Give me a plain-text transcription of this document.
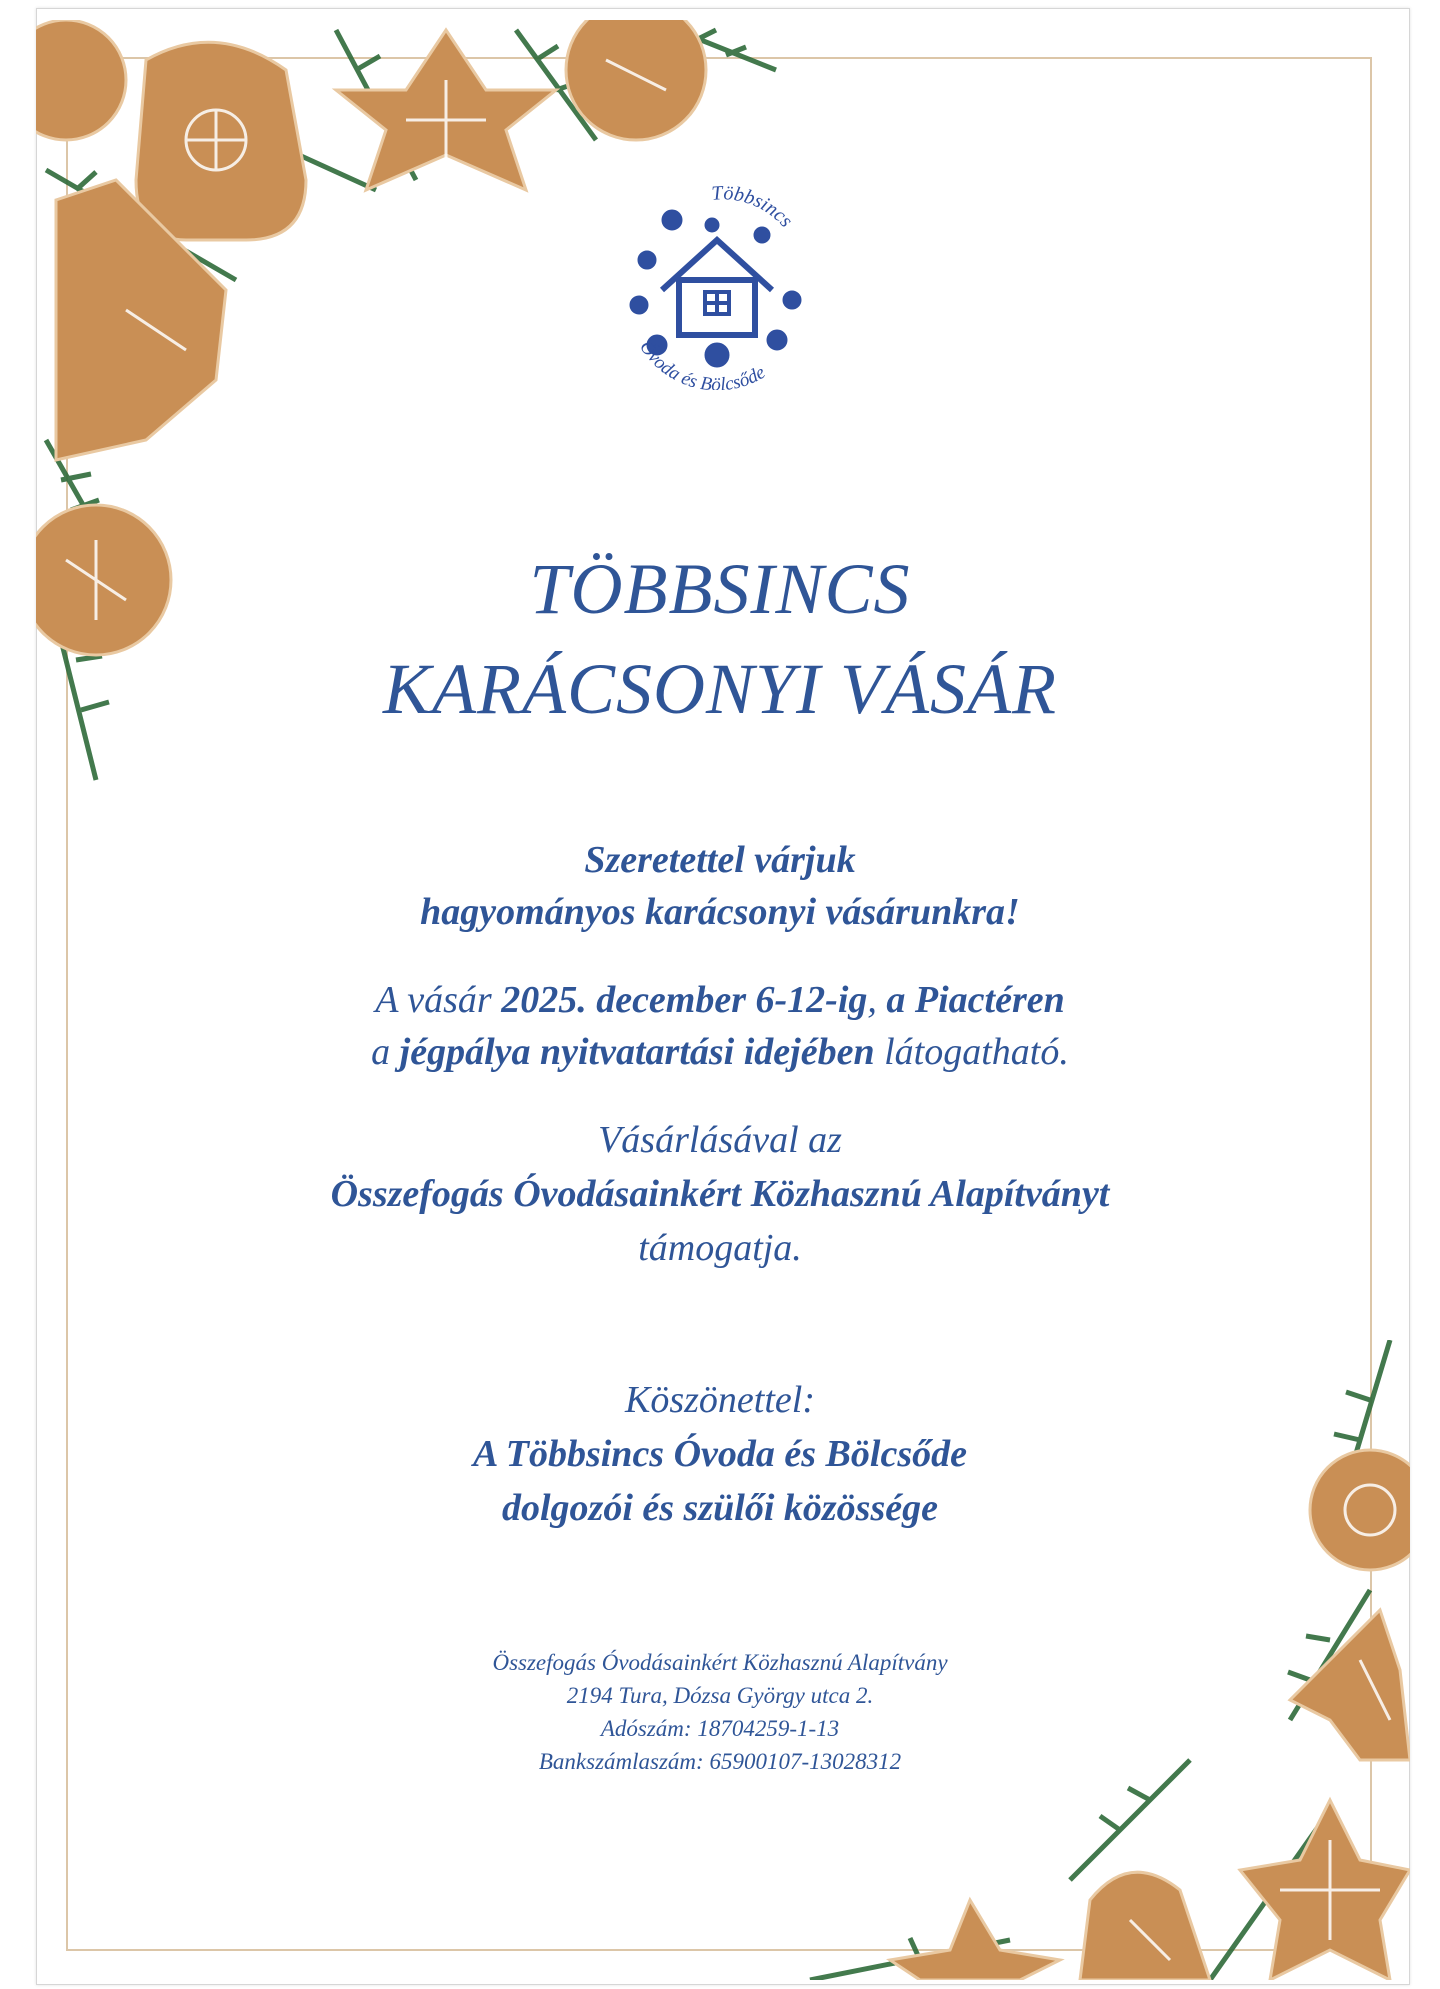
Többsincs
Óvoda és Bölcsőde
TÖBBSINCS
KARÁCSONYI VÁSÁR
Szeretettel várjuk
hagyományos karácsonyi vásárunkra!
A vásár 2025. december 6-12-ig, a Piactéren
a jégpálya nyitvatartási idejében látogatható.
Vásárlásával az
Összefogás Óvodásainkért Közhasznú Alapítványt
támogatja.
Köszönettel:
A Többsincs Óvoda és Bölcsőde
dolgozói és szülői közössége
Összefogás Óvodásainkért Közhasznú Alapítvány
2194 Tura, Dózsa György utca 2.
Adószám: 18704259-1-13
Bankszámlaszám: 65900107-13028312
